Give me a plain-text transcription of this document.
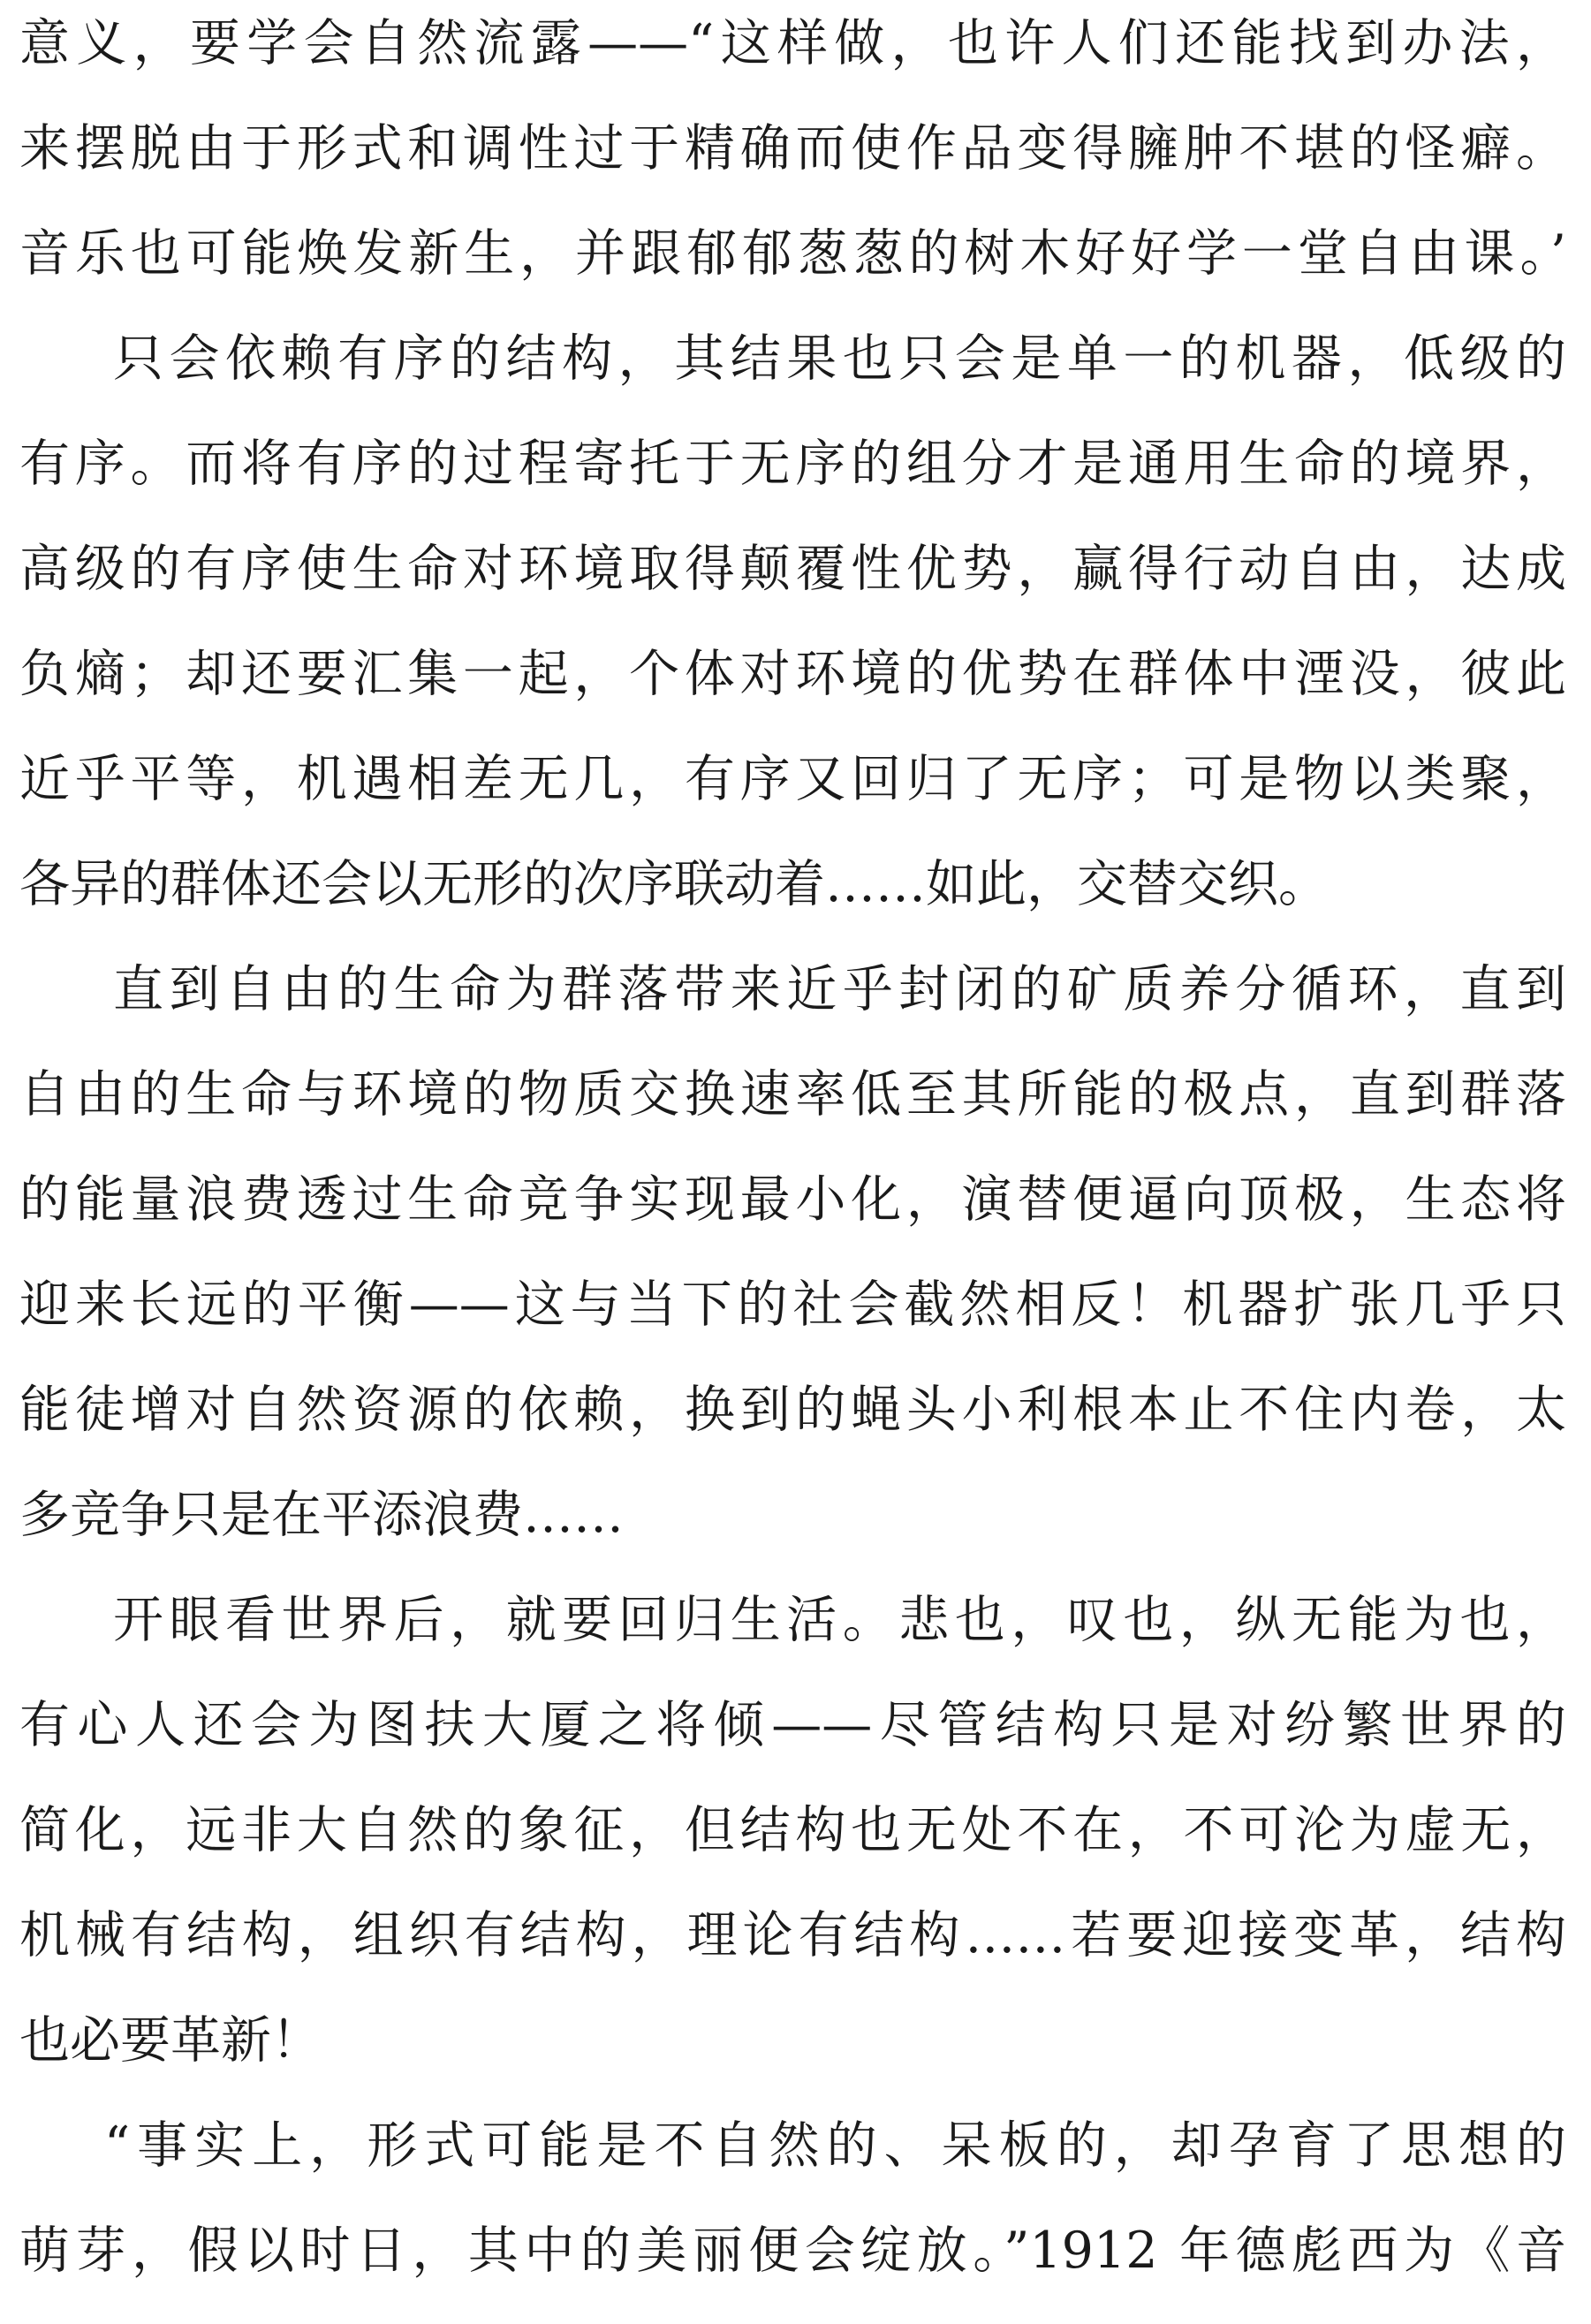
意义，要学会自然流露——“这样做，也许人们还能找到办法，
来摆脱由于形式和调性过于精确而使作品变得臃肿不堪的怪癖。
音乐也可能焕发新生，并跟郁郁葱葱的树木好好学一堂自由课。’
只会依赖有序的结构，其结果也只会是单一的机器，低级的
有序。而将有序的过程寄托于无序的组分才是通用生命的境界，
高级的有序使生命对环境取得颠覆性优势，赢得行动自由，达成
负熵；却还要汇集一起，个体对环境的优势在群体中湮没，彼此
近乎平等，机遇相差无几，有序又回归了无序；可是物以类聚，
各异的群体还会以无形的次序联动着……如此，交替交织。
直到自由的生命为群落带来近乎封闭的矿质养分循环，直到
自由的生命与环境的物质交换速率低至其所能的极点，直到群落
的能量浪费透过生命竞争实现最小化，演替便逼向顶极，生态将
迎来长远的平衡——这与当下的社会截然相反！机器扩张几乎只
能徒增对自然资源的依赖，换到的蝇头小利根本止不住内卷，太
多竞争只是在平添浪费……
开眼看世界后，就要回归生活。悲也，叹也，纵无能为也，
有心人还会为图扶大厦之将倾——尽管结构只是对纷繁世界的
简化，远非大自然的象征，但结构也无处不在，不可沦为虚无，
机械有结构，组织有结构，理论有结构……若要迎接变革，结构
也必要革新！
“事实上，形式可能是不自然的、呆板的，却孕育了思想的
萌芽，假以时日，其中的美丽便会绽放。”1912 年德彪西为《音
